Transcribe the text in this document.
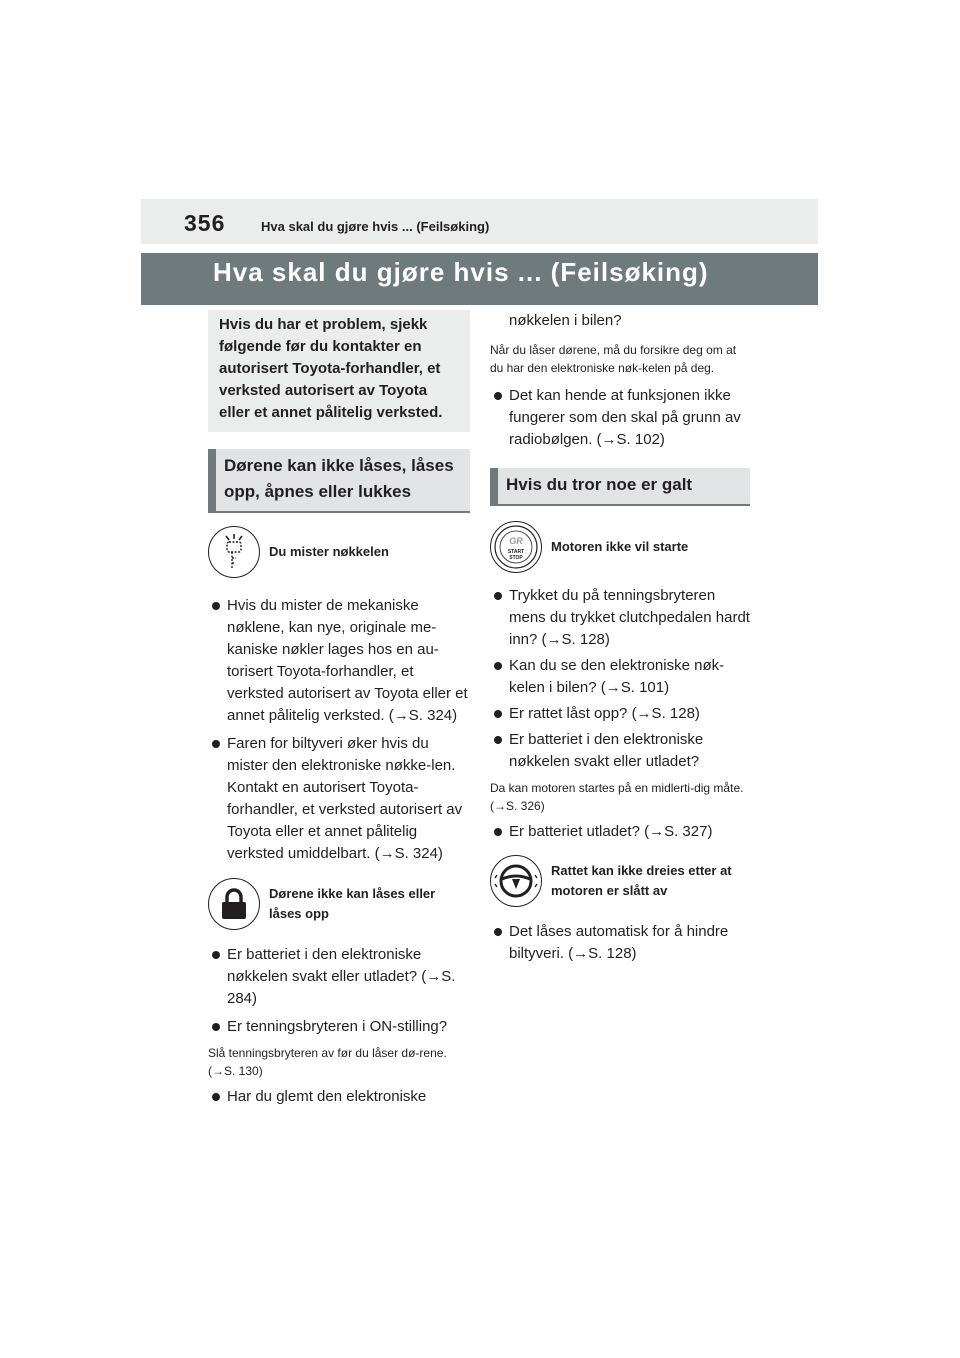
356	Hva skal du gjøre hvis ... (Feilsøking)
Hva skal du gjøre hvis ... (Feilsøking)
Hvis du har et problem, sjekk følgende før du kontakter en autorisert Toyota-forhandler, et verksted autorisert av Toyota eller et annet pålitelig verksted.
Dørene kan ikke låses, låses opp, åpnes eller lukkes
Du mister nøkkelen
Hvis du mister de mekaniske nøklene, kan nye, originale me-kaniske nøkler lages hos en au-torisert Toyota-forhandler, et verksted autorisert av Toyota eller et annet pålitelig verksted. (→S. 324)
Faren for biltyveri øker hvis du mister den elektroniske nøkke-len. Kontakt en autorisert Toyota-forhandler, et verksted autorisert av Toyota eller et annet pålitelig verksted umiddelbart. (→S. 324)
Dørene ikke kan låses eller låses opp
Er batteriet i den elektroniske nøkkelen svakt eller utladet? (→S. 284)
Er tenningsbryteren i ON-stilling?
Slå tenningsbryteren av før du låser dø-rene. (→S. 130)
Har du glemt den elektroniske
nøkkelen i bilen?
Når du låser dørene, må du forsikre deg om at du har den elektroniske nøk-kelen på deg.
Det kan hende at funksjonen ikke fungerer som den skal på grunn av radiobølgen. (→S. 102)
Hvis du tror noe er galt
GR
START
STOP
Motoren ikke vil starte
Trykket du på tenningsbryteren mens du trykket clutchpedalen hardt inn? (→S. 128)
Kan du se den elektroniske nøk-kelen i bilen? (→S. 101)
Er rattet låst opp? (→S. 128)
Er batteriet i den elektroniske nøkkelen svakt eller utladet?
Da kan motoren startes på en midlerti-dig måte. (→S. 326)
Er batteriet utladet? (→S. 327)
Rattet kan ikke dreies etter at motoren er slått av
Det låses automatisk for å hindre biltyveri. (→S. 128)
